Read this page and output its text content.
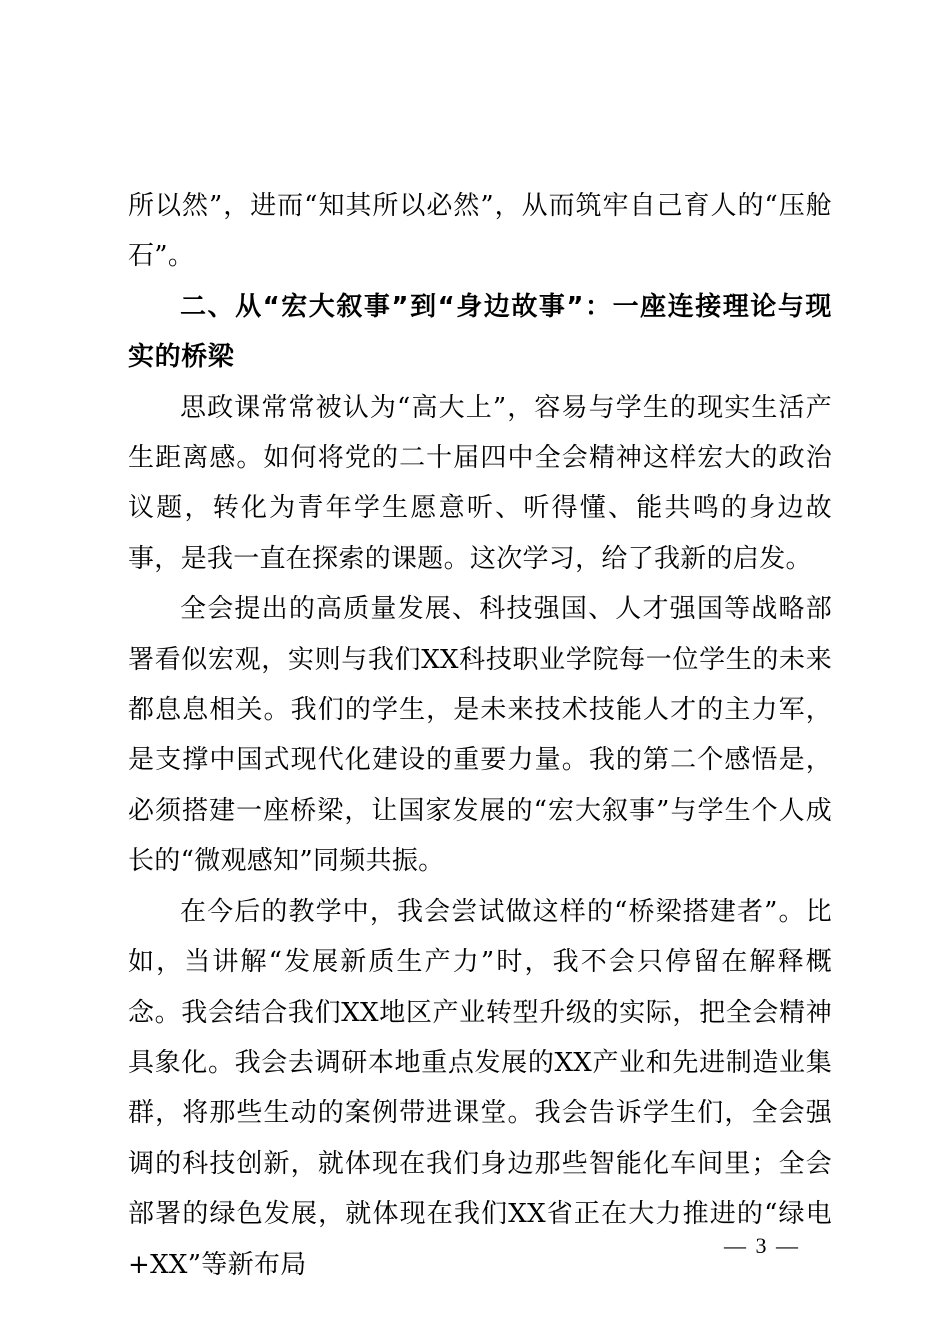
所以然”，进而“知其所以必然”，从而筑牢自己育人的“压舱石”。

二、从“宏大叙事”到“身边故事”：一座连接理论与现实的桥梁

思政课常常被认为“高大上”，容易与学生的现实生活产生距离感。如何将党的二十届四中全会精神这样宏大的政治议题，转化为青年学生愿意听、听得懂、能共鸣的身边故事，是我一直在探索的课题。这次学习，给了我新的启发。

全会提出的高质量发展、科技强国、人才强国等战略部署看似宏观，实则与我们XX科技职业学院每一位学生的未来都息息相关。我们的学生，是未来技术技能人才的主力军，是支撑中国式现代化建设的重要力量。我的第二个感悟是，必须搭建一座桥梁，让国家发展的“宏大叙事”与学生个人成长的“微观感知”同频共振。

在今后的教学中，我会尝试做这样的“桥梁搭建者”。比如，当讲解“发展新质生产力”时，我不会只停留在解释概念。我会结合我们XX地区产业转型升级的实际，把全会精神具象化。我会去调研本地重点发展的XX产业和先进制造业集群，将那些生动的案例带进课堂。我会告诉学生们，全会强调的科技创新，就体现在我们身边那些智能化车间里；全会部署的绿色发展，就体现在我们XX省正在大力推进的“绿电+XX”等新布局

— 3 —
